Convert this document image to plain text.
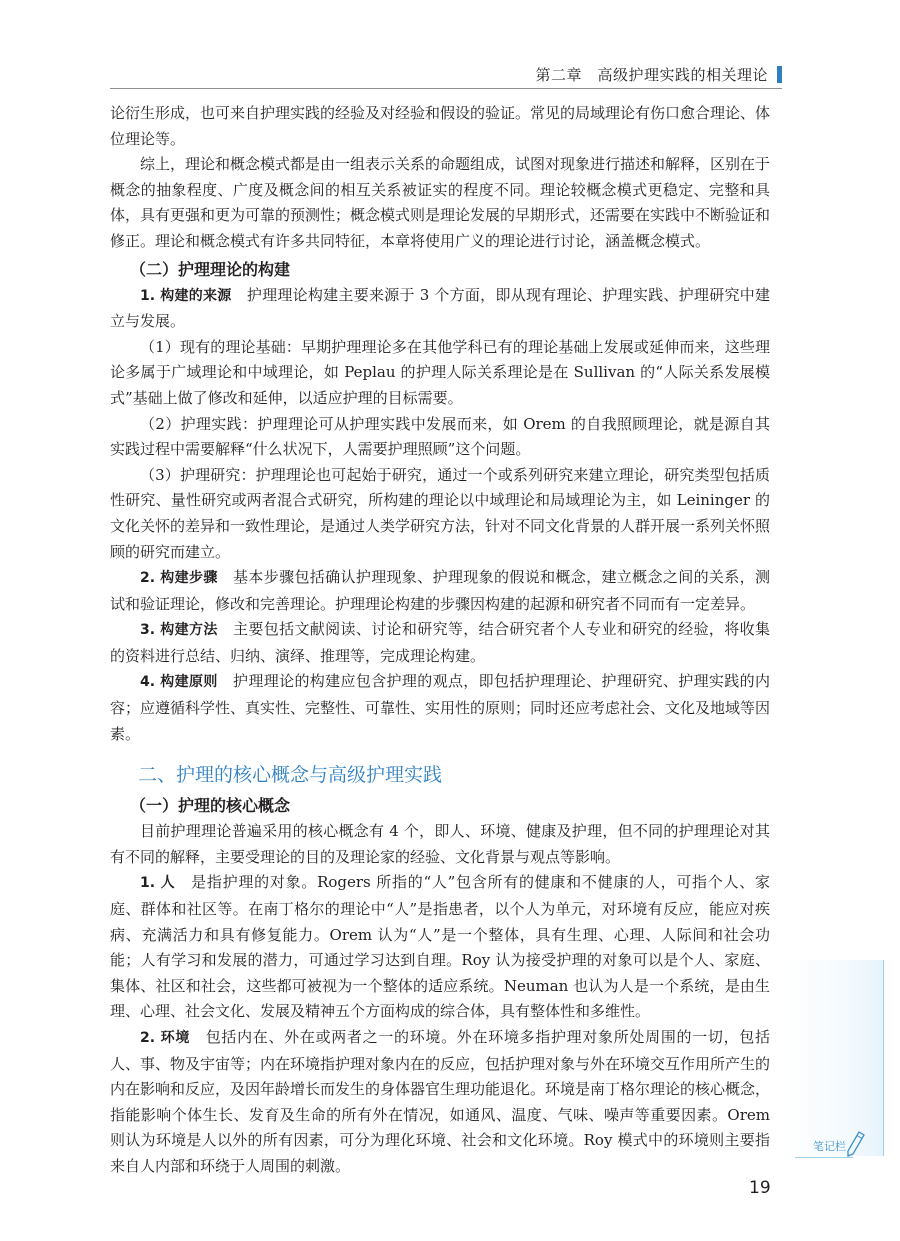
第二章　高级护理实践的相关理论
笔记栏

论衍生形成，也可来自护理实践的经验及对经验和假设的验证。常见的局域理论有伤口愈合理论、体位理论等。

综上，理论和概念模式都是由一组表示关系的命题组成，试图对现象进行描述和解释，区别在于概念的抽象程度、广度及概念间的相互关系被证实的程度不同。理论较概念模式更稳定、完整和具体，具有更强和更为可靠的预测性；概念模式则是理论发展的早期形式，还需要在实践中不断验证和修正。理论和概念模式有许多共同特征，本章将使用广义的理论进行讨论，涵盖概念模式。

（二）护理理论的构建

1. 构建的来源　 护理理论构建主要来源于 3 个方面，即从现有理论、护理实践、护理研究中建立与发展。

（1）现有的理论基础：早期护理理论多在其他学科已有的理论基础上发展或延伸而来，这些理论多属于广域理论和中域理论，如 Peplau 的护理人际关系理论是在 Sullivan 的“人际关系发展模式”基础上做了修改和延伸，以适应护理的目标需要。

（2）护理实践：护理理论可从护理实践中发展而来，如 Orem 的自我照顾理论，就是源自其实践过程中需要解释“什么状况下，人需要护理照顾”这个问题。

（3）护理研究：护理理论也可起始于研究，通过一个或系列研究来建立理论，研究类型包括质性研究、量性研究或两者混合式研究，所构建的理论以中域理论和局域理论为主，如 Leininger 的文化关怀的差异和一致性理论，是通过人类学研究方法，针对不同文化背景的人群开展一系列关怀照顾的研究而建立。

2. 构建步骤　 基本步骤包括确认护理现象、护理现象的假说和概念，建立概念之间的关系，测试和验证理论，修改和完善理论。护理理论构建的步骤因构建的起源和研究者不同而有一定差异。

3. 构建方法　 主要包括文献阅读、讨论和研究等，结合研究者个人专业和研究的经验，将收集的资料进行总结、归纳、演绎、推理等，完成理论构建。

4. 构建原则　 护理理论的构建应包含护理的观点，即包括护理理论、护理研究、护理实践的内容；应遵循科学性、真实性、完整性、可靠性、实用性的原则；同时还应考虑社会、文化及地域等因素。

二、护理的核心概念与高级护理实践
（一）护理的核心概念

目前护理理论普遍采用的核心概念有 4 个，即人、环境、健康及护理，但不同的护理理论对其有不同的解释，主要受理论的目的及理论家的经验、文化背景与观点等影响。

1. 人　 是指护理的对象。Rogers 所指的“人”包含所有的健康和不健康的人，可指个人、家庭、群体和社区等。在南丁格尔的理论中“人”是指患者，以个人为单元，对环境有反应，能应对疾病、充满活力和具有修复能力。Orem 认为“人”是一个整体，具有生理、心理、人际间和社会功能；人有学习和发展的潜力，可通过学习达到自理。Roy 认为接受护理的对象可以是个人、家庭、集体、社区和社会，这些都可被视为一个整体的适应系统。Neuman 也认为人是一个系统，是由生理、心理、社会文化、发展及精神五个方面构成的综合体，具有整体性和多维性。

2. 环境　 包括内在、外在或两者之一的环境。外在环境多指护理对象所处周围的一切，包括人、事、物及宇宙等；内在环境指护理对象内在的反应，包括护理对象与外在环境交互作用所产生的内在影响和反应，及因年龄增长而发生的身体器官生理功能退化。环境是南丁格尔理论的核心概念，指能影响个体生长、发育及生命的所有外在情况，如通风、温度、气味、噪声等重要因素。Orem 则认为环境是人以外的所有因素，可分为理化环境、社会和文化环境。Roy 模式中的环境则主要指来自人内部和环绕于人周围的刺激。

19
